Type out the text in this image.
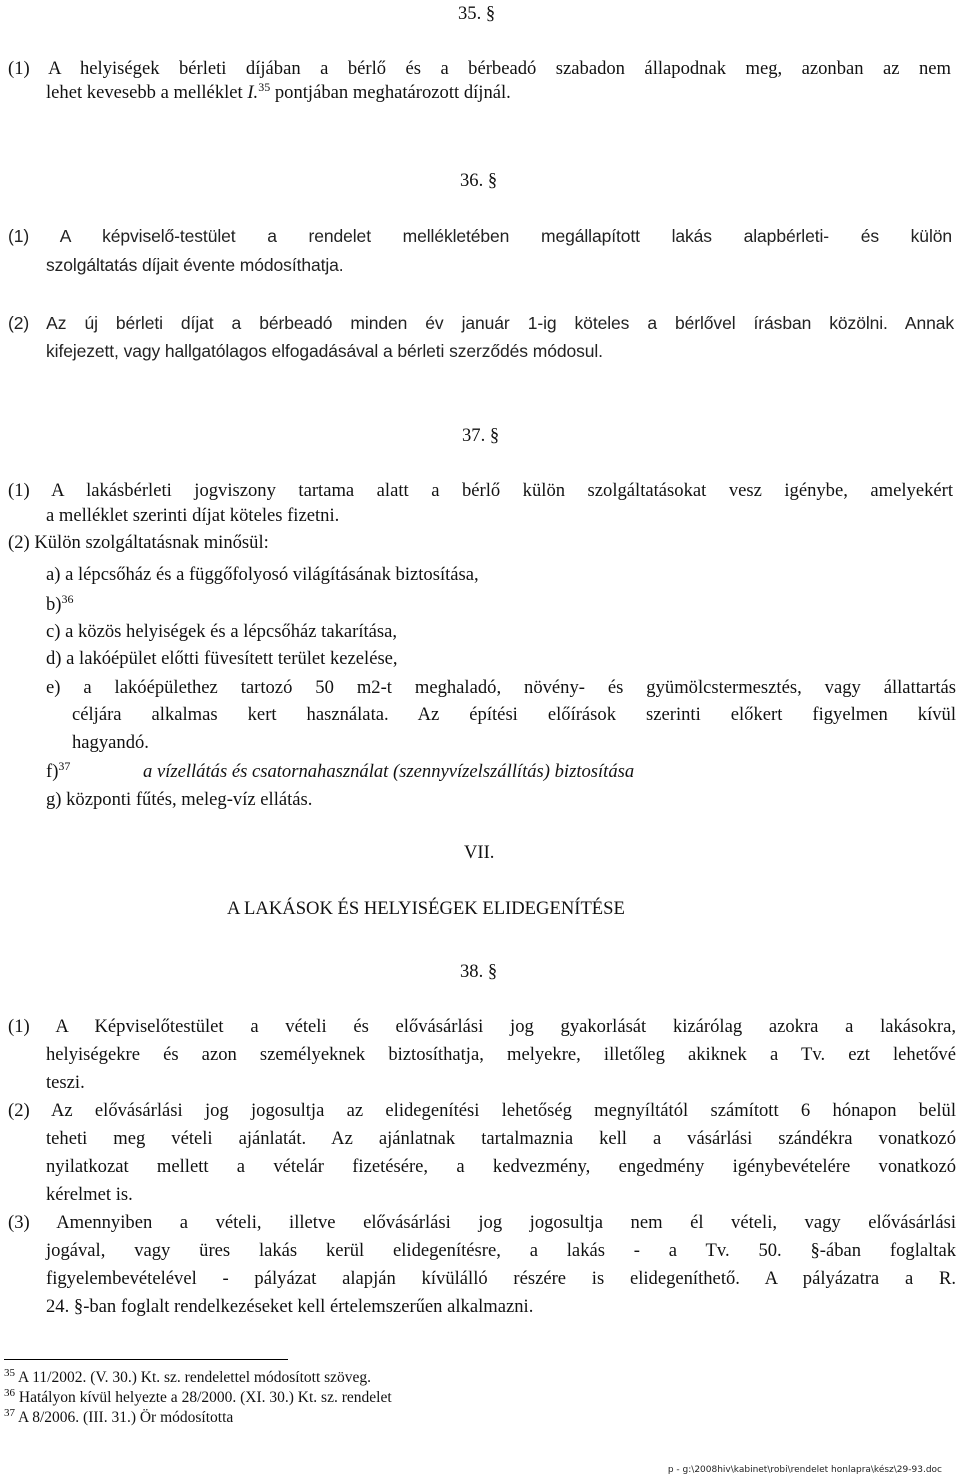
35. §

(1) A helyiségek bérleti díjában a bérlő és a bérbeadó szabadon állapodnak meg, azonban az nem

lehet kevesebb a melléklet I.$^{35}$ pontjában meghatározott díjnál.

36. §

(1) A képviselő-testület a rendelet mellékletében megállapított lakás alapbérleti- és külön

szolgáltatás díjait évente módosíthatja.

(2) Az új bérleti díjat a bérbeadó minden év január 1-ig köteles a bérlővel írásban közölni. Annak

kifejezett, vagy hallgatólagos elfogadásával a bérleti szerződés módosul.

37. §

(1) A lakásbérleti jogviszony tartama alatt a bérlő külön szolgáltatásokat vesz igénybe, amelyekért

a melléklet szerinti díjat köteles fizetni.

(2) Külön szolgáltatásnak minősül:

a) a lépcsőház és a függőfolyosó világításának biztosítása,

b)$^{36}$

c) a közös helyiségek és a lépcsőház takarítása,

d) a lakóépület előtti füvesített terület kezelése,

e) a lakóépülethez tartozó 50 m2-t meghaladó, növény- és gyümölcstermesztés, vagy állattartás

céljára alkalmas kert használata. Az építési előírások szerinti előkert figyelmen kívül

hagyandó.

f)$^{37}$	a vízellátás és csatornahasználat (szennyvízelszállítás) biztosítása

g) központi fűtés, meleg-víz ellátás.

VII.

A LAKÁSOK ÉS HELYISÉGEK ELIDEGENÍTÉSE

38. §

(1) A Képviselőtestület a vételi és elővásárlási jog gyakorlását kizárólag azokra a lakásokra,

helyiségekre és azon személyeknek biztosíthatja, melyekre, illetőleg akiknek a Tv. ezt lehetővé

teszi.

(2) Az elővásárlási jog jogosultja az elidegenítési lehetőség megnyíltától számított 6 hónapon belül

teheti meg vételi ajánlatát. Az ajánlatnak tartalmaznia kell a vásárlási szándékra vonatkozó

nyilatkozat mellett a vételár fizetésére, a kedvezmény, engedmény igénybevételére vonatkozó

kérelmet is.

(3) Amennyiben a vételi, illetve elővásárlási jog jogosultja nem él vételi, vagy elővásárlási

jogával, vagy üres lakás kerül elidegenítésre, a lakás - a Tv. 50. §-ában foglaltak

figyelembevételével - pályázat alapján kívülálló részére is elidegeníthető. A pályázatra a R.

24. §-ban foglalt rendelkezéseket kell értelemszerűen alkalmazni.

$^{35}$ A 11/2002. (V. 30.) Kt. sz. rendelettel módosított szöveg.

$^{36}$ Hatályon kívül helyezte a 28/2000. (XI. 30.) Kt. sz. rendelet

$^{37}$ A 8/2006. (III. 31.) Ör módosította

p - g:\2008hiv\kabinet\robi\rendelet honlapra\kész\29-93.doc
